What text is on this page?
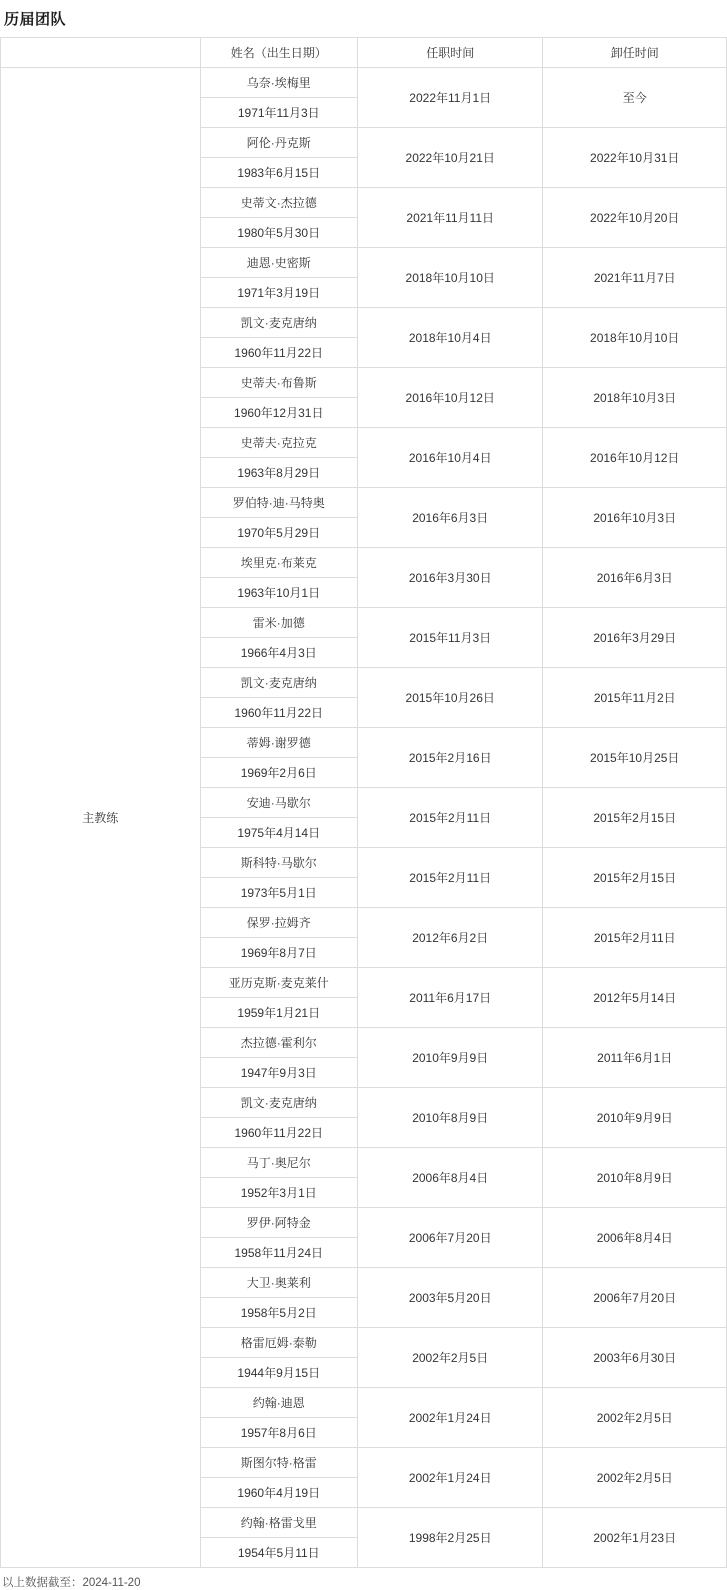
历届团队
	姓名（出生日期）	任职时间	卸任时间
主教练	乌奈·埃梅里	2022年11月1日	至今
	1971年11月3日		
	阿伦·丹克斯	2022年10月21日	2022年10月31日
	1983年6月15日		
	史蒂文·杰拉德	2021年11月11日	2022年10月20日
	1980年5月30日		
	迪恩·史密斯	2018年10月10日	2021年11月7日
	1971年3月19日		
	凯文·麦克唐纳	2018年10月4日	2018年10月10日
	1960年11月22日		
	史蒂夫·布鲁斯	2016年10月12日	2018年10月3日
	1960年12月31日		
	史蒂夫·克拉克	2016年10月4日	2016年10月12日
	1963年8月29日		
	罗伯特·迪·马特奥	2016年6月3日	2016年10月3日
	1970年5月29日		
	埃里克·布莱克	2016年3月30日	2016年6月3日
	1963年10月1日		
	雷米·加德	2015年11月3日	2016年3月29日
	1966年4月3日		
	凯文·麦克唐纳	2015年10月26日	2015年11月2日
	1960年11月22日		
	蒂姆·谢罗德	2015年2月16日	2015年10月25日
	1969年2月6日		
	安迪·马歇尔	2015年2月11日	2015年2月15日
	1975年4月14日		
	斯科特·马歇尔	2015年2月11日	2015年2月15日
	1973年5月1日		
	保罗·拉姆齐	2012年6月2日	2015年2月11日
	1969年8月7日		
	亚历克斯·麦克莱什	2011年6月17日	2012年5月14日
	1959年1月21日		
	杰拉德·霍利尔	2010年9月9日	2011年6月1日
	1947年9月3日		
	凯文·麦克唐纳	2010年8月9日	2010年9月9日
	1960年11月22日		
	马丁·奥尼尔	2006年8月4日	2010年8月9日
	1952年3月1日		
	罗伊·阿特金	2006年7月20日	2006年8月4日
	1958年11月24日		
	大卫·奥莱利	2003年5月20日	2006年7月20日
	1958年5月2日		
	格雷厄姆·泰勒	2002年2月5日	2003年6月30日
	1944年9月15日		
	约翰·迪恩	2002年1月24日	2002年2月5日
	1957年8月6日		
	斯图尔特·格雷	2002年1月24日	2002年2月5日
	1960年4月19日		
	约翰·格雷戈里	1998年2月25日	2002年1月23日
	1954年5月11日		
以上数据截至：2024-11-20
